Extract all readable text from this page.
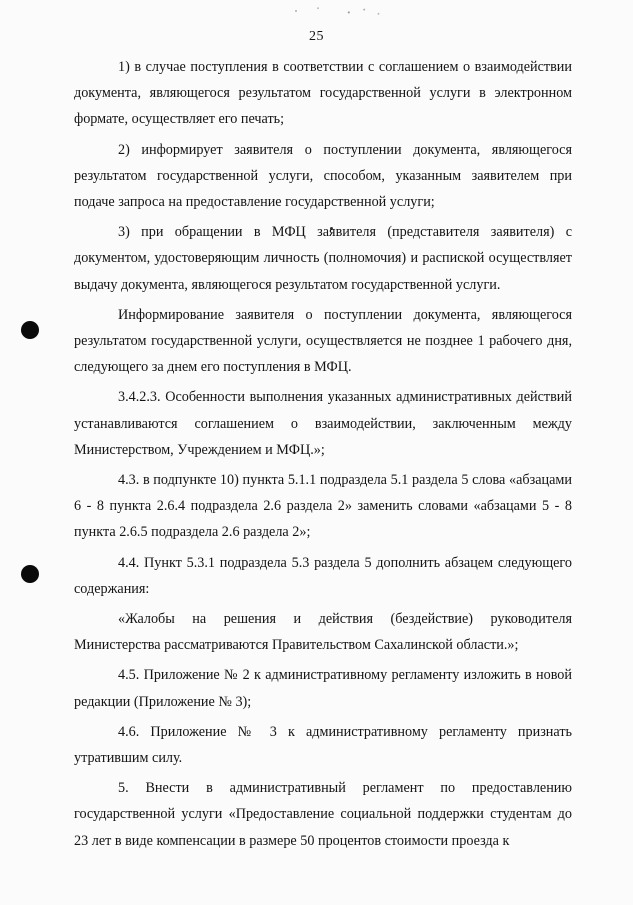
25

1) в случае поступления в соответствии с соглашением о взаимодействии документа, являющегося результатом государственной услуги в электронном формате, осуществляет его печать;

2) информирует заявителя о поступлении документа, являющегося результатом государственной услуги, способом, указанным заявителем при подаче запроса на предоставление государственной услуги;

3) при обращении в МФЦ заявителя (представителя заявителя) с документом, удостоверяющим личность (полномочия) и распиской осуществляет выдачу документа, являющегося результатом государственной услуги.

Информирование заявителя о поступлении документа, являющегося результатом государственной услуги, осуществляется не позднее 1 рабочего дня, следующего за днем его поступления в МФЦ.

3.4.2.3. Особенности выполнения указанных административных действий устанавливаются соглашением о взаимодействии, заключенным между Министерством, Учреждением и МФЦ.»;

4.3. в подпункте 10) пункта 5.1.1 подраздела 5.1 раздела 5 слова «абзацами 6 - 8 пункта 2.6.4 подраздела 2.6 раздела 2» заменить словами «абзацами 5 - 8 пункта 2.6.5 подраздела 2.6 раздела 2»;

4.4. Пункт 5.3.1 подраздела 5.3 раздела 5 дополнить абзацем следующего содержания:

«Жалобы на решения и действия (бездействие) руководителя Министерства рассматриваются Правительством Сахалинской области.»;

4.5. Приложение № 2 к административному регламенту изложить в новой редакции (Приложение № 3);

4.6. Приложение № 3 к административному регламенту признать утратившим силу.

5. Внести в административный регламент по предоставлению государственной услуги «Предоставление социальной поддержки студентам до 23 лет в виде компенсации в размере 50 процентов стоимости проезда к
